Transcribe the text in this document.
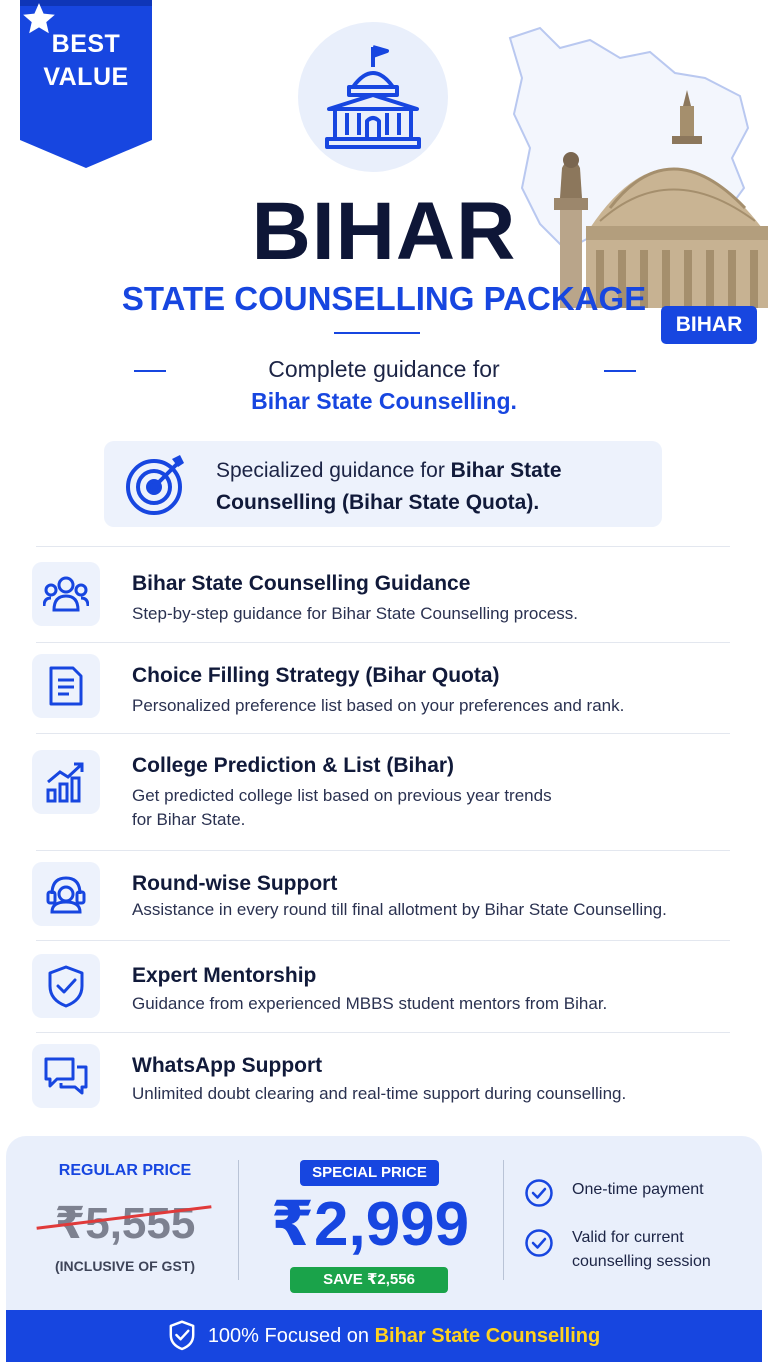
BEST
VALUE
BIHAR
STATE COUNSELLING PACKAGE
BIHAR
Complete guidance for
Bihar State Counselling.
Specialized guidance for Bihar State Counselling (Bihar State Quota).
Bihar State Counselling Guidance
Step-by-step guidance for Bihar State Counselling process.
Choice Filling Strategy (Bihar Quota)
Personalized preference list based on your preferences and rank.
College Prediction & List (Bihar)
Get predicted college list based on previous year trends
for Bihar State.
Round-wise Support
Assistance in every round till final allotment by Bihar State Counselling.
Expert Mentorship
Guidance from experienced MBBS student mentors from Bihar.
WhatsApp Support
Unlimited doubt clearing and real-time support during counselling.
REGULAR PRICE
₹5,555
(INCLUSIVE OF GST)
SPECIAL PRICE
₹2,999
SAVE ₹2,556
One-time payment
Valid for current counselling session
100% Focused on Bihar State Counselling
